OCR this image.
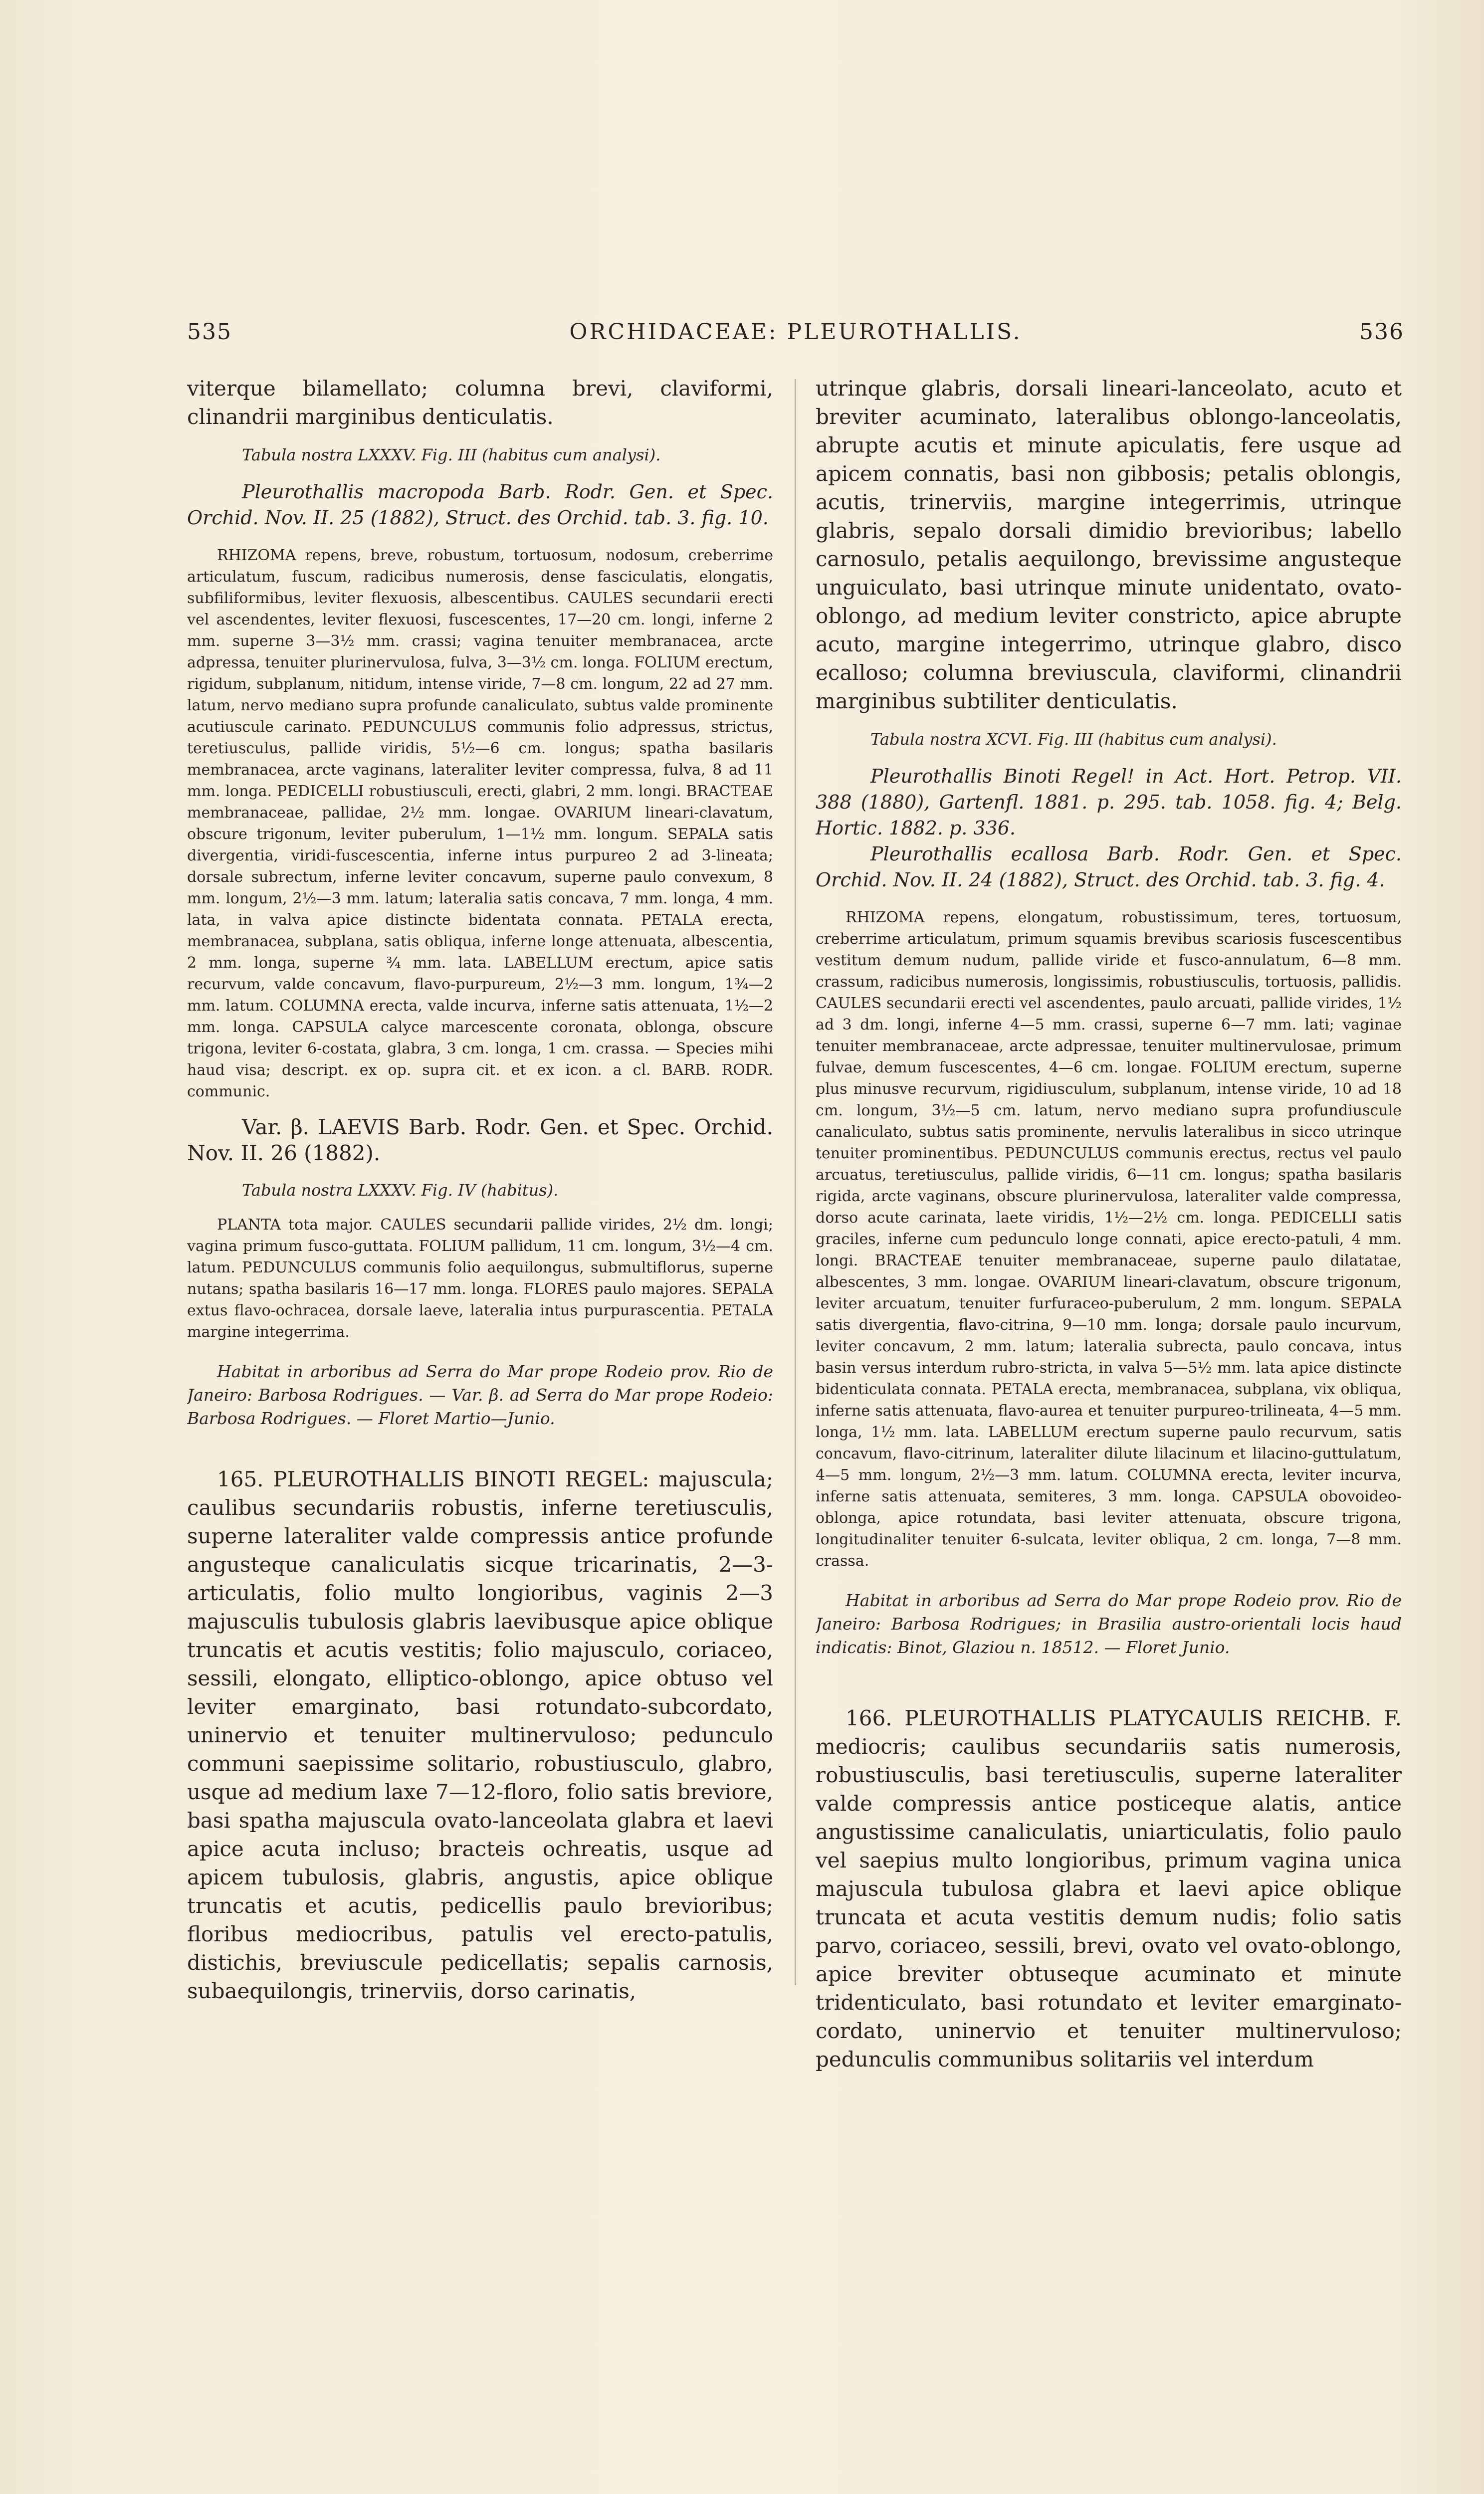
535	ORCHIDACEAE: PLEUROTHALLIS.	536

viterque bilamellato; columna brevi, claviformi, clinandrii marginibus denticulatis.

Tabula nostra LXXXV. Fig. III (habitus cum analysi).

Pleurothallis macropoda Barb. Rodr. Gen. et Spec. Orchid. Nov. II. 25 (1882), Struct. des Orchid. tab. 3. fig. 10.

RHIZOMA repens, breve, robustum, tortuosum, nodosum, creberrime articulatum, fuscum, radicibus numerosis, dense fasciculatis, elongatis, subfiliformibus, leviter flexuosis, albescentibus. CAULES secundarii erecti vel ascendentes, leviter flexuosi, fuscescentes, 17—20 cm. longi, inferne 2 mm. superne 3—3½ mm. crassi; vagina tenuiter membranacea, arcte adpressa, tenuiter plurinervulosa, fulva, 3—3½ cm. longa. FOLIUM erectum, rigidum, subplanum, nitidum, intense viride, 7—8 cm. longum, 22 ad 27 mm. latum, nervo mediano supra profunde canaliculato, subtus valde prominente acutiuscule carinato. PEDUNCULUS communis folio adpressus, strictus, teretiusculus, pallide viridis, 5½—6 cm. longus; spatha basilaris membranacea, arcte vaginans, lateraliter leviter compressa, fulva, 8 ad 11 mm. longa. PEDICELLI robustiusculi, erecti, glabri, 2 mm. longi. BRACTEAE membranaceae, pallidae, 2½ mm. longae. OVARIUM lineari-clavatum, obscure trigonum, leviter puberulum, 1—1½ mm. longum. SEPALA satis divergentia, viridi-fuscescentia, inferne intus purpureo 2 ad 3-lineata; dorsale subrectum, inferne leviter concavum, superne paulo convexum, 8 mm. longum, 2½—3 mm. latum; lateralia satis concava, 7 mm. longa, 4 mm. lata, in valva apice distincte bidentata connata. PETALA erecta, membranacea, subplana, satis obliqua, inferne longe attenuata, albescentia, 2 mm. longa, superne ¾ mm. lata. LABELLUM erectum, apice satis recurvum, valde concavum, flavo-purpureum, 2½—3 mm. longum, 1¾—2 mm. latum. COLUMNA erecta, valde incurva, inferne satis attenuata, 1½—2 mm. longa. CAPSULA calyce marcescente coronata, oblonga, obscure trigona, leviter 6-costata, glabra, 3 cm. longa, 1 cm. crassa. — Species mihi haud visa; descript. ex op. supra cit. et ex icon. a cl. BARB. RODR. communic.

Var. β. LAEVIS Barb. Rodr. Gen. et Spec. Orchid. Nov. II. 26 (1882).

Tabula nostra LXXXV. Fig. IV (habitus).

PLANTA tota major. CAULES secundarii pallide virides, 2½ dm. longi; vagina primum fusco-guttata. FOLIUM pallidum, 11 cm. longum, 3½—4 cm. latum. PEDUNCULUS communis folio aequilongus, submultiflorus, superne nutans; spatha basilaris 16—17 mm. longa. FLORES paulo majores. SEPALA extus flavo-ochracea, dorsale laeve, lateralia intus purpurascentia. PETALA margine integerrima.

Habitat in arboribus ad Serra do Mar prope Rodeio prov. Rio de Janeiro: Barbosa Rodrigues. — Var. β. ad Serra do Mar prope Rodeio: Barbosa Rodrigues. — Floret Martio—Junio.

165. PLEUROTHALLIS BINOTI REGEL: majuscula; caulibus secundariis robustis, inferne teretiusculis, superne lateraliter valde compressis antice profunde angusteque canaliculatis sicque tricarinatis, 2—3-articulatis, folio multo longioribus, vaginis 2—3 majusculis tubulosis glabris laevibusque apice oblique truncatis et acutis vestitis; folio majusculo, coriaceo, sessili, elongato, elliptico-oblongo, apice obtuso vel leviter emarginato, basi rotundato-subcordato, uninervio et tenuiter multinervuloso; pedunculo communi saepissime solitario, robustiusculo, glabro, usque ad medium laxe 7—12-floro, folio satis breviore, basi spatha majuscula ovato-lanceolata glabra et laevi apice acuta incluso; bracteis ochreatis, usque ad apicem tubulosis, glabris, angustis, apice oblique truncatis et acutis, pedicellis paulo brevioribus; floribus mediocribus, patulis vel erecto-patulis, distichis, breviuscule pedicellatis; sepalis carnosis, subaequilongis, trinerviis, dorso carinatis,

utrinque glabris, dorsali lineari-lanceolato, acuto et breviter acuminato, lateralibus oblongo-lanceolatis, abrupte acutis et minute apiculatis, fere usque ad apicem connatis, basi non gibbosis; petalis oblongis, acutis, trinerviis, margine integerrimis, utrinque glabris, sepalo dorsali dimidio brevioribus; labello carnosulo, petalis aequilongo, brevissime angusteque unguiculato, basi utrinque minute unidentato, ovato-oblongo, ad medium leviter constricto, apice abrupte acuto, margine integerrimo, utrinque glabro, disco ecalloso; columna breviuscula, claviformi, clinandrii marginibus subtiliter denticulatis.

Tabula nostra XCVI. Fig. III (habitus cum analysi).

Pleurothallis Binoti Regel! in Act. Hort. Petrop. VII. 388 (1880), Gartenfl. 1881. p. 295. tab. 1058. fig. 4; Belg. Hortic. 1882. p. 336.

Pleurothallis ecallosa Barb. Rodr. Gen. et Spec. Orchid. Nov. II. 24 (1882), Struct. des Orchid. tab. 3. fig. 4.

RHIZOMA repens, elongatum, robustissimum, teres, tortuosum, creberrime articulatum, primum squamis brevibus scariosis fuscescentibus vestitum demum nudum, pallide viride et fusco-annulatum, 6—8 mm. crassum, radicibus numerosis, longissimis, robustiusculis, tortuosis, pallidis. CAULES secundarii erecti vel ascendentes, paulo arcuati, pallide virides, 1½ ad 3 dm. longi, inferne 4—5 mm. crassi, superne 6—7 mm. lati; vaginae tenuiter membranaceae, arcte adpressae, tenuiter multinervulosae, primum fulvae, demum fuscescentes, 4—6 cm. longae. FOLIUM erectum, superne plus minusve recurvum, rigidiusculum, subplanum, intense viride, 10 ad 18 cm. longum, 3½—5 cm. latum, nervo mediano supra profundiuscule canaliculato, subtus satis prominente, nervulis lateralibus in sicco utrinque tenuiter prominentibus. PEDUNCULUS communis erectus, rectus vel paulo arcuatus, teretiusculus, pallide viridis, 6—11 cm. longus; spatha basilaris rigida, arcte vaginans, obscure plurinervulosa, lateraliter valde compressa, dorso acute carinata, laete viridis, 1½—2½ cm. longa. PEDICELLI satis graciles, inferne cum pedunculo longe connati, apice erecto-patuli, 4 mm. longi. BRACTEAE tenuiter membranaceae, superne paulo dilatatae, albescentes, 3 mm. longae. OVARIUM lineari-clavatum, obscure trigonum, leviter arcuatum, tenuiter furfuraceo-puberulum, 2 mm. longum. SEPALA satis divergentia, flavo-citrina, 9—10 mm. longa; dorsale paulo incurvum, leviter concavum, 2 mm. latum; lateralia subrecta, paulo concava, intus basin versus interdum rubro-stricta, in valva 5—5½ mm. lata apice distincte bidenticulata connata. PETALA erecta, membranacea, subplana, vix obliqua, inferne satis attenuata, flavo-aurea et tenuiter purpureo-trilineata, 4—5 mm. longa, 1½ mm. lata. LABELLUM erectum superne paulo recurvum, satis concavum, flavo-citrinum, lateraliter dilute lilacinum et lilacino-guttulatum, 4—5 mm. longum, 2½—3 mm. latum. COLUMNA erecta, leviter incurva, inferne satis attenuata, semiteres, 3 mm. longa. CAPSULA obovoideo-oblonga, apice rotundata, basi leviter attenuata, obscure trigona, longitudinaliter tenuiter 6-sulcata, leviter obliqua, 2 cm. longa, 7—8 mm. crassa.

Habitat in arboribus ad Serra do Mar prope Rodeio prov. Rio de Janeiro: Barbosa Rodrigues; in Brasilia austro-orientali locis haud indicatis: Binot, Glaziou n. 18512. — Floret Junio.

166. PLEUROTHALLIS PLATYCAULIS REICHB. F. mediocris; caulibus secundariis satis numerosis, robustiusculis, basi teretiusculis, superne lateraliter valde compressis antice posticeque alatis, antice angustissime canaliculatis, uniarticulatis, folio paulo vel saepius multo longioribus, primum vagina unica majuscula tubulosa glabra et laevi apice oblique truncata et acuta vestitis demum nudis; folio satis parvo, coriaceo, sessili, brevi, ovato vel ovato-oblongo, apice breviter obtuseque acuminato et minute tridenticulato, basi rotundato et leviter emarginato-cordato, uninervio et tenuiter multinervuloso; pedunculis communibus solitariis vel interdum
